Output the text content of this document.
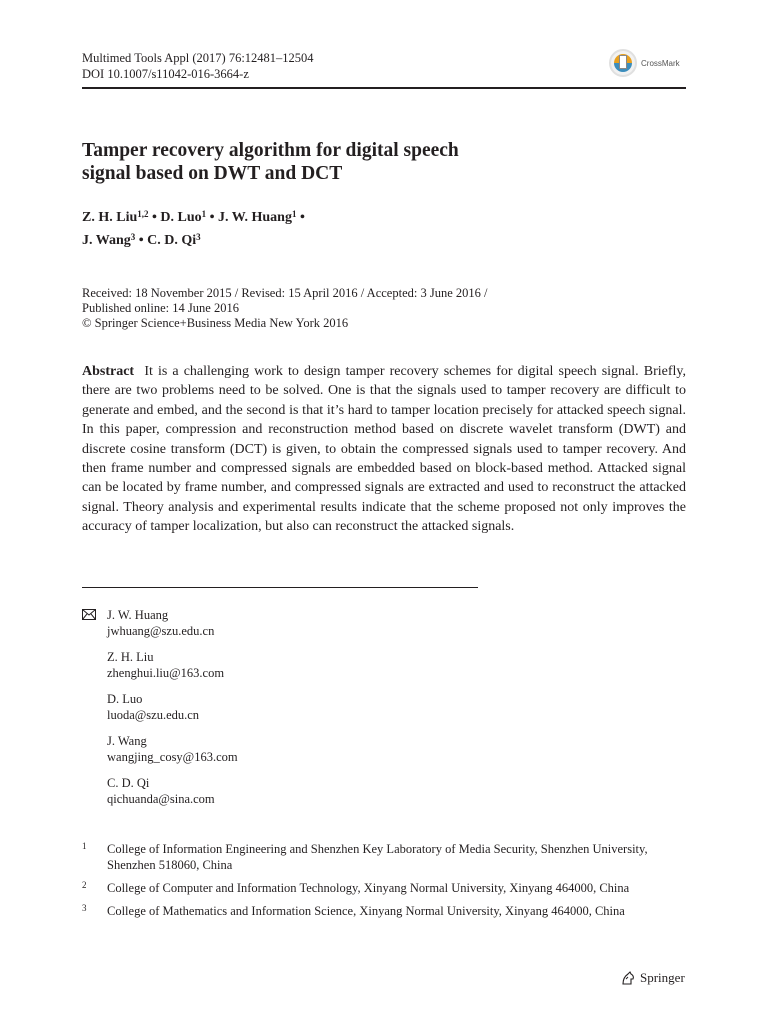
Multimed Tools Appl (2017) 76:12481–12504
DOI 10.1007/s11042-016-3664-z
CrossMark
Tamper recovery algorithm for digital speech
signal based on DWT and DCT
Z. H. Liu$^{1,2}$ • D. Luo$^1$ • J. W. Huang$^1$ •
J. Wang$^3$ • C. D. Qi$^3$
Received: 18 November 2015 / Revised: 15 April 2016 / Accepted: 3 June 2016 /
Published online: 14 June 2016
© Springer Science+Business Media New York 2016
Abstract It is a challenging work to design tamper recovery schemes for digital speech signal. Briefly, there are two problems need to be solved. One is that the signals used to tamper recovery are difficult to generate and embed, and the second is that it’s hard to tamper location precisely for attacked speech signal. In this paper, compression and reconstruction method based on discrete wavelet transform (DWT) and discrete cosine transform (DCT) is given, to obtain the compressed signals used to tamper recovery. And then frame number and compressed signals are embedded based on block-based method. Attacked signal can be located by frame number, and compressed signals are extracted and used to reconstruct the attacked signal. Theory analysis and experimental results indicate that the scheme proposed not only improves the accuracy of tamper localization, but also can reconstruct the attacked signals.
J. W. Huang
jwhuang@szu.edu.cn
Z. H. Liu
zhenghui.liu@163.com
D. Luo
luoda@szu.edu.cn
J. Wang
wangjing_cosy@163.com
C. D. Qi
qichuanda@sina.com
1 College of Information Engineering and Shenzhen Key Laboratory of Media Security, Shenzhen University, Shenzhen 518060, China
2 College of Computer and Information Technology, Xinyang Normal University, Xinyang 464000, China
3 College of Mathematics and Information Science, Xinyang Normal University, Xinyang 464000, China
Springer
